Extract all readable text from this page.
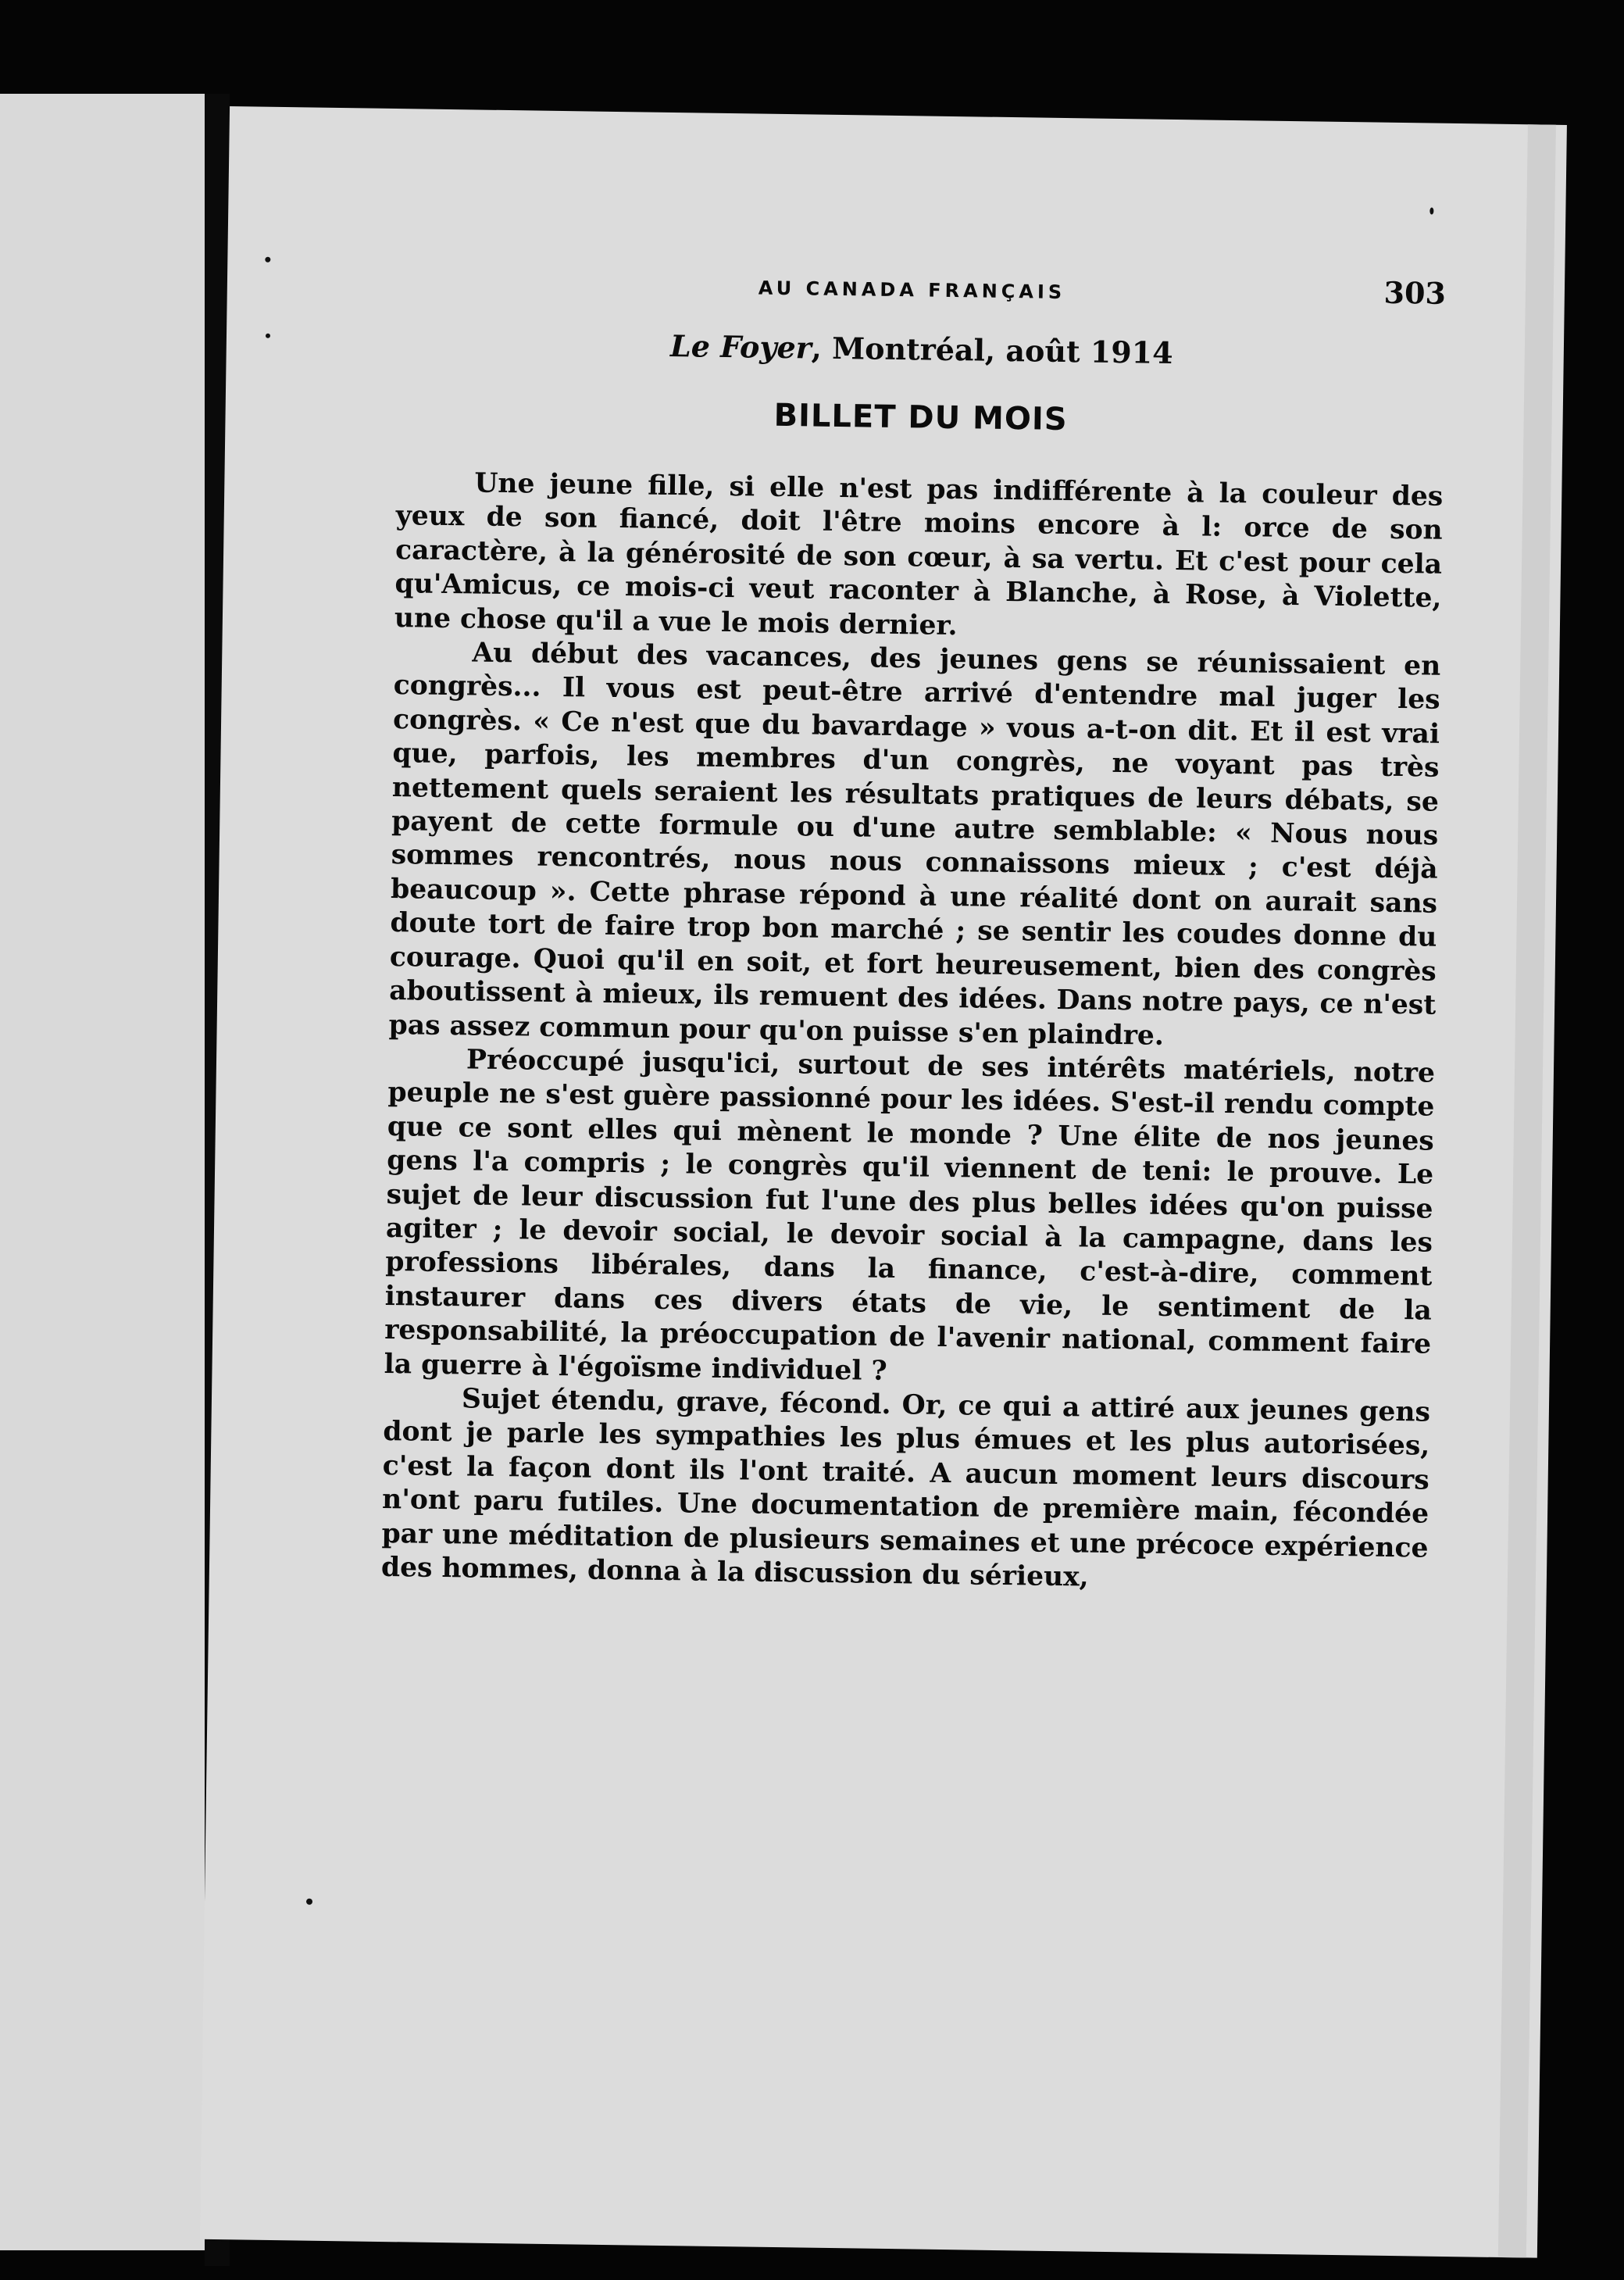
AU CANADA FRANÇAIS	303
Le Foyer, Montréal, août 1914
BILLET DU MOIS

Une jeune fille, si elle n'est pas indifférente à la couleur des yeux de son fiancé, doit l'être moins encore à l: orce de son caractère, à la générosité de son cœur, à sa vertu. Et c'est pour cela qu'Amicus, ce mois-ci veut raconter à Blanche, à Rose, à Violette, une chose qu'il a vue le mois dernier.

Au début des vacances, des jeunes gens se réunissaient en congrès... Il vous est peut-être arrivé d'entendre mal juger les congrès. « Ce n'est que du bavardage » vous a-t-on dit. Et il est vrai que, parfois, les membres d'un congrès, ne voyant pas très nettement quels seraient les résultats pratiques de leurs débats, se payent de cette formule ou d'une autre semblable: « Nous nous sommes rencontrés, nous nous connaissons mieux ; c'est déjà beaucoup ». Cette phrase répond à une réalité dont on aurait sans doute tort de faire trop bon marché ; se sentir les coudes donne du courage. Quoi qu'il en soit, et fort heureusement, bien des congrès aboutissent à mieux, ils remuent des idées. Dans notre pays, ce n'est pas assez commun pour qu'on puisse s'en plaindre.

Préoccupé jusqu'ici, surtout de ses intérêts matériels, notre peuple ne s'est guère passionné pour les idées. S'est-il rendu compte que ce sont elles qui mènent le monde ? Une élite de nos jeunes gens l'a compris ; le congrès qu'il viennent de teni: le prouve. Le sujet de leur discussion fut l'une des plus belles idées qu'on puisse agiter ; le devoir social, le devoir social à la campagne, dans les professions libérales, dans la finance, c'est-à-dire, comment instaurer dans ces divers états de vie, le sentiment de la responsabilité, la préoccupation de l'avenir national, comment faire la guerre à l'égoïsme individuel ?

Sujet étendu, grave, fécond. Or, ce qui a attiré aux jeunes gens dont je parle les sympathies les plus émues et les plus autorisées, c'est la façon dont ils l'ont traité. A aucun moment leurs discours n'ont paru futiles. Une documentation de première main, fécondée par une méditation de plusieurs semaines et une précoce expérience des hommes, donna à la discussion du sérieux,
